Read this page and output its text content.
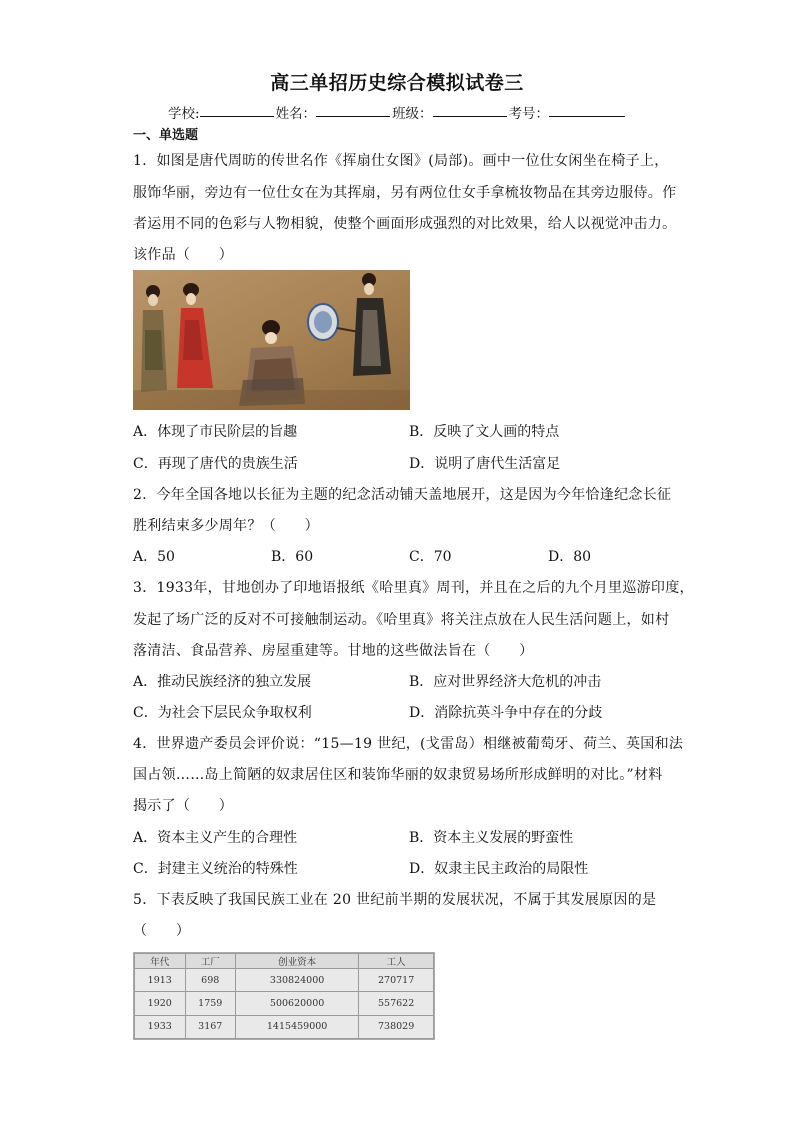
高三单招历史综合模拟试卷三
学校:	姓名：	班级：	考号：
一、单选题
1．如图是唐代周昉的传世名作《挥扇仕女图》(局部)。画中一位仕女闲坐在椅子上，
服饰华丽，旁边有一位仕女在为其挥扇，另有两位仕女手拿梳妆物品在其旁边服侍。作
者运用不同的色彩与人物相貌，使整个画面形成强烈的对比效果，给人以视觉冲击力。
该作品（　　）
A．体现了市民阶层的旨趣	B．反映了文人画的特点
C．再现了唐代的贵族生活	D．说明了唐代生活富足
2．今年全国各地以长征为主题的纪念活动铺天盖地展开，这是因为今年恰逢纪念长征
胜利结束多少周年？（　　）
A．50	B．60	C．70	D．80
3．1933年，甘地创办了印地语报纸《哈里真》周刊，并且在之后的九个月里巡游印度，
发起了场广泛的反对不可接触制运动。《哈里真》将关注点放在人民生活问题上，如村
落清洁、食品营养、房屋重建等。甘地的这些做法旨在（　　）
A．推动民族经济的独立发展	B．应对世界经济大危机的冲击
C．为社会下层民众争取权利	D．消除抗英斗争中存在的分歧
4．世界遗产委员会评价说：“15—19 世纪，(戈雷岛）相继被葡萄牙、荷兰、英国和法
国占领……岛上简陋的奴隶居住区和装饰华丽的奴隶贸易场所形成鲜明的对比。”材料
揭示了（　　）
A．资本主义产生的合理性	B．资本主义发展的野蛮性
C．封建主义统治的特殊性	D．奴隶主民主政治的局限性
5．下表反映了我国民族工业在 20 世纪前半期的发展状况，不属于其发展原因的是
（　　）
年代	工厂	创业资本	工人
1913	698	330824000	270717
1920	1759	500620000	557622
1933	3167	1415459000	738029
